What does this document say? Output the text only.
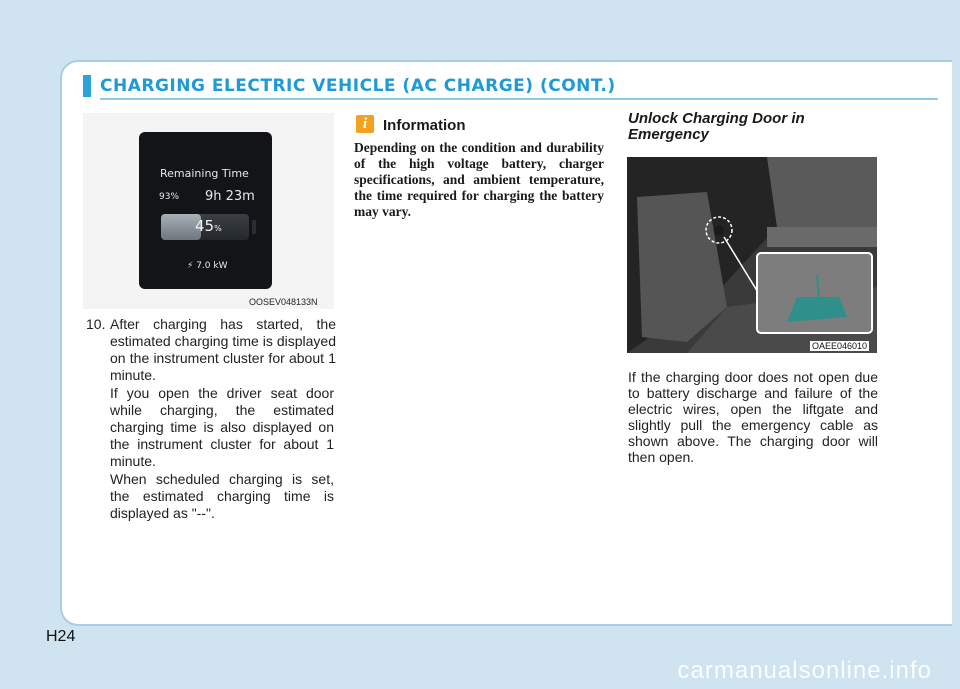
CHARGING ELECTRIC VEHICLE (AC CHARGE) (CONT.)
Remaining Time
93% 9h 23m
45%
⚡ 7.0 kW
OOSEV048133N
10. After charging has started, the estimated charging time is displayed on the instrument cluster for about 1 minute.

If you open the driver seat door while charging, the estimated charging time is also displayed on the instrument cluster for about 1 minute.

When scheduled charging is set, the estimated charging time is displayed as "--".

i	Information

Depending on the condition and durability of the high voltage battery, charger specifications, and ambient temperature, the time required for charging the battery may vary.

Unlock Charging Door in Emergency
OAEE046010

If the charging door does not open due to battery discharge and failure of the electric wires, open the liftgate and slightly pull the emergency cable as shown above. The charging door will then open.

H24
carmanualsonline.info
